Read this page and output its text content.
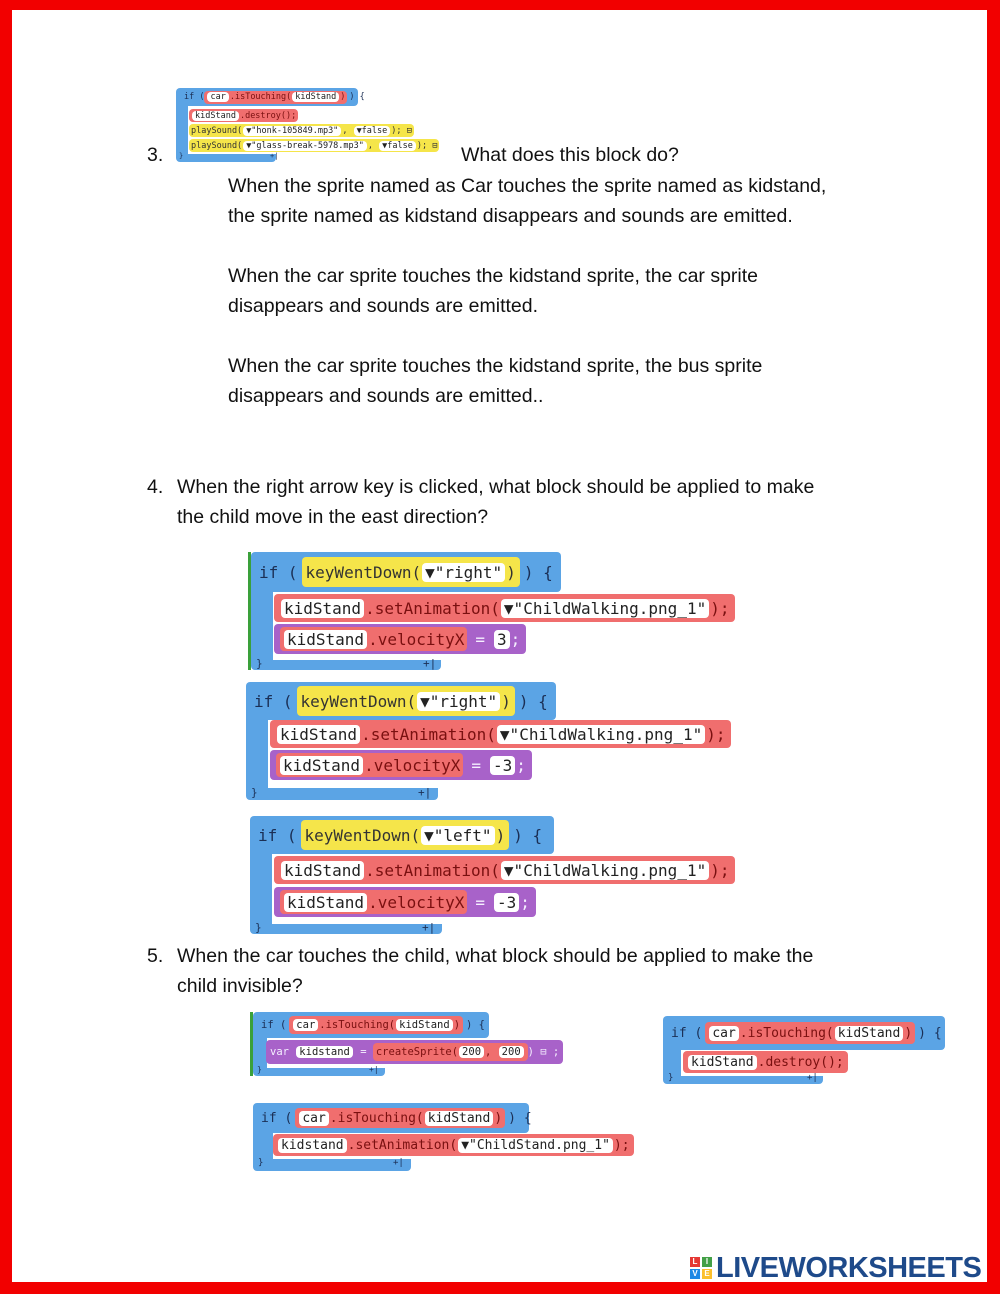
3.
if ( car .isTouching( kidStand ) ) {
kidStand .destroy();
playSound( ▼"honk-105849.mp3" , ▼false ); ⊟
playSound( ▼"glass-break-5978.mp3" , ▼false ); ⊟
}	+|	What does this block do?
When the sprite named as Car touches the sprite named as kidstand,
the sprite named as kidstand disappears and sounds are emitted.
When the car sprite touches the kidstand sprite, the car sprite
disappears and sounds are emitted.
When the car sprite touches the kidstand sprite, the bus sprite
disappears and sounds are emitted..
4. When the right arrow key is clicked, what block should be applied to make
the child move in the east direction?
if ( keyWentDown( ▼"right" ) ) {
kidStand .setAnimation( ▼"ChildWalking.png_1" );
kidStand .velocityX = 3 ;
}	+|
if ( keyWentDown( ▼"right" ) ) {
kidStand .setAnimation( ▼"ChildWalking.png_1" );
kidStand .velocityX = -3 ;
}	+|
if ( keyWentDown( ▼"left" ) ) {
kidStand .setAnimation( ▼"ChildWalking.png_1" );
kidStand .velocityX = -3 ;
}	+|
5. When the car touches the child, what block should be applied to make the
child invisible?
if ( car .isTouching( kidStand ) ) {
var
kidstand
=
createSprite( 200 , 200 ) ⊟ ;
}	+|
if ( car .isTouching( kidStand ) ) {
kidStand .destroy();
}	+|
if ( car .isTouching( kidStand ) ) {
kidstand .setAnimation( ▼"ChildStand.png_1" );
}	+|
L	I
V E LIVEWORKSHEETS
